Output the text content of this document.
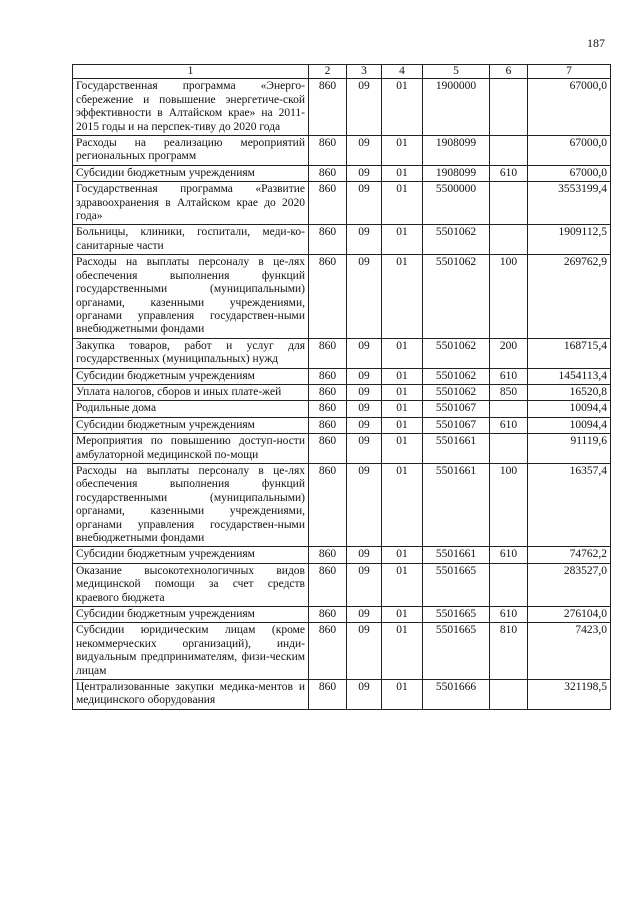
187
1	2	3	4	5	6	7
Государственная программа «Энерго-сбережение и повышение энергетиче-ской эффективности в Алтайском крае» на 2011-2015 годы и на перспек-тиву до 2020 года	860	09	01	1900000		67000,0
Расходы на реализацию мероприятий региональных программ	860	09	01	1908099		67000,0
Субсидии бюджетным учреждениям	860	09	01	1908099	610	67000,0
Государственная программа «Развитие здравоохранения в Алтайском крае до 2020 года»	860	09	01	5500000		3553199,4
Больницы, клиники, госпитали, меди-ко-санитарные части	860	09	01	5501062		1909112,5
Расходы на выплаты персоналу в це-лях обеспечения выполнения функций государственными (муниципальными) органами, казенными учреждениями, органами управления государствен-ными внебюджетными фондами	860	09	01	5501062	100	269762,9
Закупка товаров, работ и услуг для государственных (муниципальных) нужд	860	09	01	5501062	200	168715,4
Субсидии бюджетным учреждениям	860	09	01	5501062	610	1454113,4
Уплата налогов, сборов и иных плате-жей	860	09	01	5501062	850	16520,8
Родильные дома	860	09	01	5501067		10094,4
Субсидии бюджетным учреждениям	860	09	01	5501067	610	10094,4
Мероприятия по повышению доступ-ности амбулаторной медицинской по-мощи	860	09	01	5501661		91119,6
Расходы на выплаты персоналу в це-лях обеспечения выполнения функций государственными (муниципальными) органами, казенными учреждениями, органами управления государствен-ными внебюджетными фондами	860	09	01	5501661	100	16357,4
Субсидии бюджетным учреждениям	860	09	01	5501661	610	74762,2
Оказание высокотехнологичных видов медицинской помощи за счет средств краевого бюджета	860	09	01	5501665		283527,0
Субсидии бюджетным учреждениям	860	09	01	5501665	610	276104,0
Субсидии юридическим лицам (кроме некоммерческих организаций), инди-видуальным предпринимателям, физи-ческим лицам	860	09	01	5501665	810	7423,0
Централизованные закупки медика-ментов и медицинского оборудования	860	09	01	5501666		321198,5
